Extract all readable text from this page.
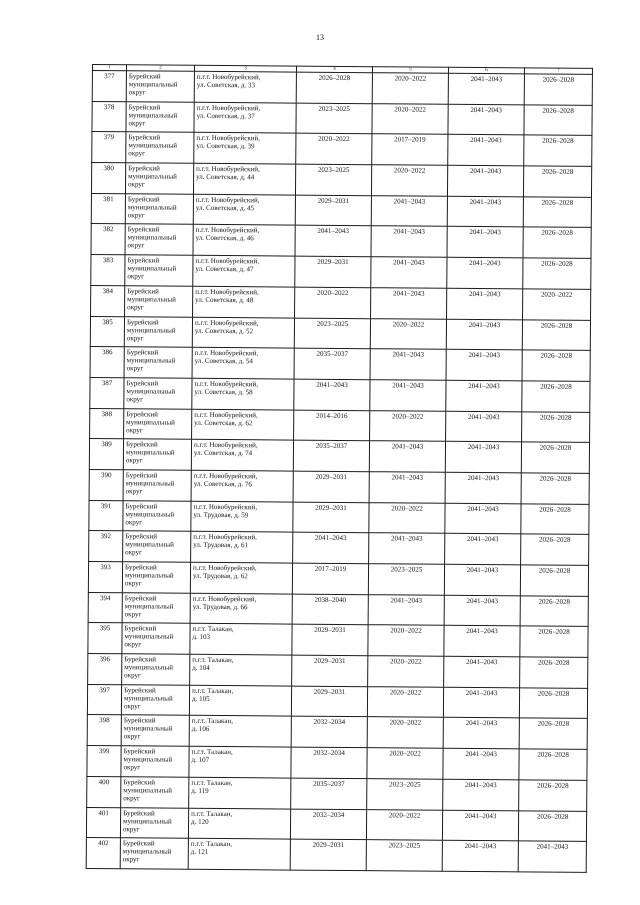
13
1	2	3	4	5	6	7
377	Бурейский
муниципальный
округ	п.г.т. Новобурейский,
ул. Советская, д. 33	2026–2028	2020–2022	2041–2043	2026–2028
378	Бурейский
муниципальный
округ	п.г.т. Новобурейский,
ул. Советская, д. 37	2023–2025	2020–2022	2041–2043	2026–2028
379	Бурейский
муниципальный
округ	п.г.т. Новобурейский,
ул. Советская, д. 39	2020–2022	2017–2019	2041–2043	2026–2028
380	Бурейский
муниципальный
округ	п.г.т. Новобурейский,
ул. Советская, д. 44	2023–2025	2020–2022	2041–2043	2026–2028
381	Бурейский
муниципальный
округ	п.г.т. Новобурейский,
ул. Советская, д. 45	2029–2031	2041–2043	2041–2043	2026–2028
382	Бурейский
муниципальный
округ	п.г.т. Новобурейский,
ул. Советская, д. 46	2041–2043	2041–2043	2041–2043	2026–2028
383	Бурейский
муниципальный
округ	п.г.т. Новобурейский,
ул. Советская, д. 47	2029–2031	2041–2043	2041–2043	2026–2028
384	Бурейский
муниципальный
округ	п.г.т. Новобурейский,
ул. Советская, д. 48	2020–2022	2041–2043	2041–2043	2020–2022
385	Бурейский
муниципальный
округ	п.г.т. Новобурейский,
ул. Советская, д. 52	2023–2025	2020–2022	2041–2043	2026–2028
386	Бурейский
муниципальный
округ	п.г.т. Новобурейский,
ул. Советская, д. 54	2035–2037	2041–2043	2041–2043	2026–2028
387	Бурейский
муниципальный
округ	п.г.т. Новобурейский,
ул. Советская, д. 58	2041–2043	2041–2043	2041–2043	2026–2028
388	Бурейский
муниципальный
округ	п.г.т. Новобурейский,
ул. Советская, д. 62	2014–2016	2020–2022	2041–2043	2026–2028
389	Бурейский
муниципальный
округ	п.г.т. Новобурейский,
ул. Советская, д. 74	2035–2037	2041–2043	2041–2043	2026–2028
390	Бурейский
муниципальный
округ	п.г.т. Новобурейский,
ул. Советская, д. 76	2029–2031	2041–2043	2041–2043	2026–2028
391	Бурейский
муниципальный
округ	п.г.т. Новобурейский,
ул. Трудовая, д. 59	2029–2031	2020–2022	2041–2043	2026–2028
392	Бурейский
муниципальный
округ	п.г.т. Новобурейский,
ул. Трудовая, д. 61	2041–2043	2041–2043	2041–2043	2026–2028
393	Бурейский
муниципальный
округ	п.г.т. Новобурейский,
ул. Трудовая, д. 62	2017–2019	2023–2025	2041–2043	2026–2028
394	Бурейский
муниципальный
округ	п.г.т. Новобурейский,
ул. Трудовая, д. 66	2038–2040	2041–2043	2041–2043	2026–2028
395	Бурейский
муниципальный
округ	п.г.т. Талакан,
д. 103	2029–2031	2020–2022	2041–2043	2026–2028
396	Бурейский
муниципальный
округ	п.г.т. Талакан,
д. 104	2029–2031	2020–2022	2041–2043	2026–2028
397	Бурейский
муниципальный
округ	п.г.т. Талакан,
д. 105	2029–2031	2020–2022	2041–2043	2026–2028
398	Бурейский
муниципальный
округ	п.г.т. Талакан,
д. 106	2032–2034	2020–2022	2041–2043	2026–2028
399	Бурейский
муниципальный
округ	п.г.т. Талакан,
д. 107	2032–2034	2020–2022	2041–2043	2026–2028
400	Бурейский
муниципальный
округ	п.г.т. Талакан,
д. 119	2035–2037	2023–2025	2041–2043	2026–2028
401	Бурейский
муниципальный
округ	п.г.т. Талакан,
д. 120	2032–2034	2020–2022	2041–2043	2026–2028
402	Бурейский
муниципальный
округ	п.г.т. Талакан,
д. 121	2029–2031	2023–2025	2041–2043	2041–2043
